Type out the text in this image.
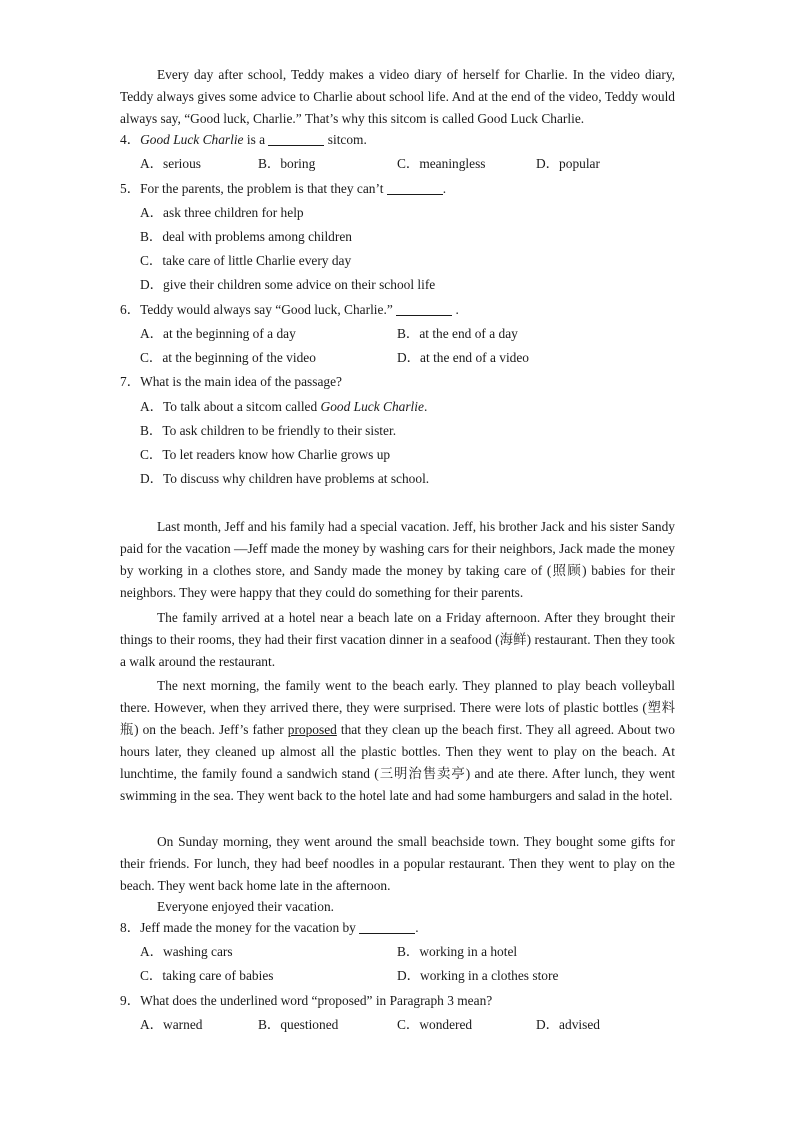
Every day after school, Teddy makes a video diary of herself for Charlie. In the video diary, Teddy always gives some advice to Charlie about school life. And at the end of the video, Teddy would always say, “Good luck, Charlie.” That’s why this sitcom is called Good Luck Charlie.
4．Good Luck Charlie is a	sitcom.
A．serious	B．boring	C．meaningless	D．popular
5．For the parents, the problem is that they can’t	.
A．ask three children for help
B．deal with problems among children
C．take care of little Charlie every day
D．give their children some advice on their school life
6．Teddy would always say “Good luck, Charlie.”	.
A．at the beginning of a day	B．at the end of a day
C．at the beginning of the video	D．at the end of a video
7．What is the main idea of the passage?
A．To talk about a sitcom called Good Luck Charlie.
B．To ask children to be friendly to their sister.
C．To let readers know how Charlie grows up
D．To discuss why children have problems at school.
Last month, Jeff and his family had a special vacation. Jeff, his brother Jack and his sister Sandy paid for the vacation —Jeff made the money by washing cars for their neighbors, Jack made the money by working in a clothes store, and Sandy made the money by taking care of (照顾) babies for their neighbors. They were happy that they could do something for their parents.
The family arrived at a hotel near a beach late on a Friday afternoon. After they brought their things to their rooms, they had their first vacation dinner in a seafood (海鲜) restaurant. Then they took a walk around the restaurant.
The next morning, the family went to the beach early. They planned to play beach volleyball there. However, when they arrived there, they were surprised. There were lots of plastic bottles (塑料瓶) on the beach. Jeff’s father proposed that they clean up the beach first. They all agreed. About two hours later, they cleaned up almost all the plastic bottles. Then they went to play on the beach. At lunchtime, the family found a sandwich stand (三明治售卖亭) and ate there. After lunch, they went swimming in the sea. They went back to the hotel late and had some hamburgers and salad in the hotel.
On Sunday morning, they went around the small beachside town. They bought some gifts for their friends. For lunch, they had beef noodles in a popular restaurant. Then they went to play on the beach. They went back home late in the afternoon.
Everyone enjoyed their vacation.
8．Jeff made the money for the vacation by	.
A．washing cars	B．working in a hotel
C．taking care of babies	D．working in a clothes store
9．What does the underlined word “proposed” in Paragraph 3 mean?
A．warned	B．questioned	C．wondered	D．advised
